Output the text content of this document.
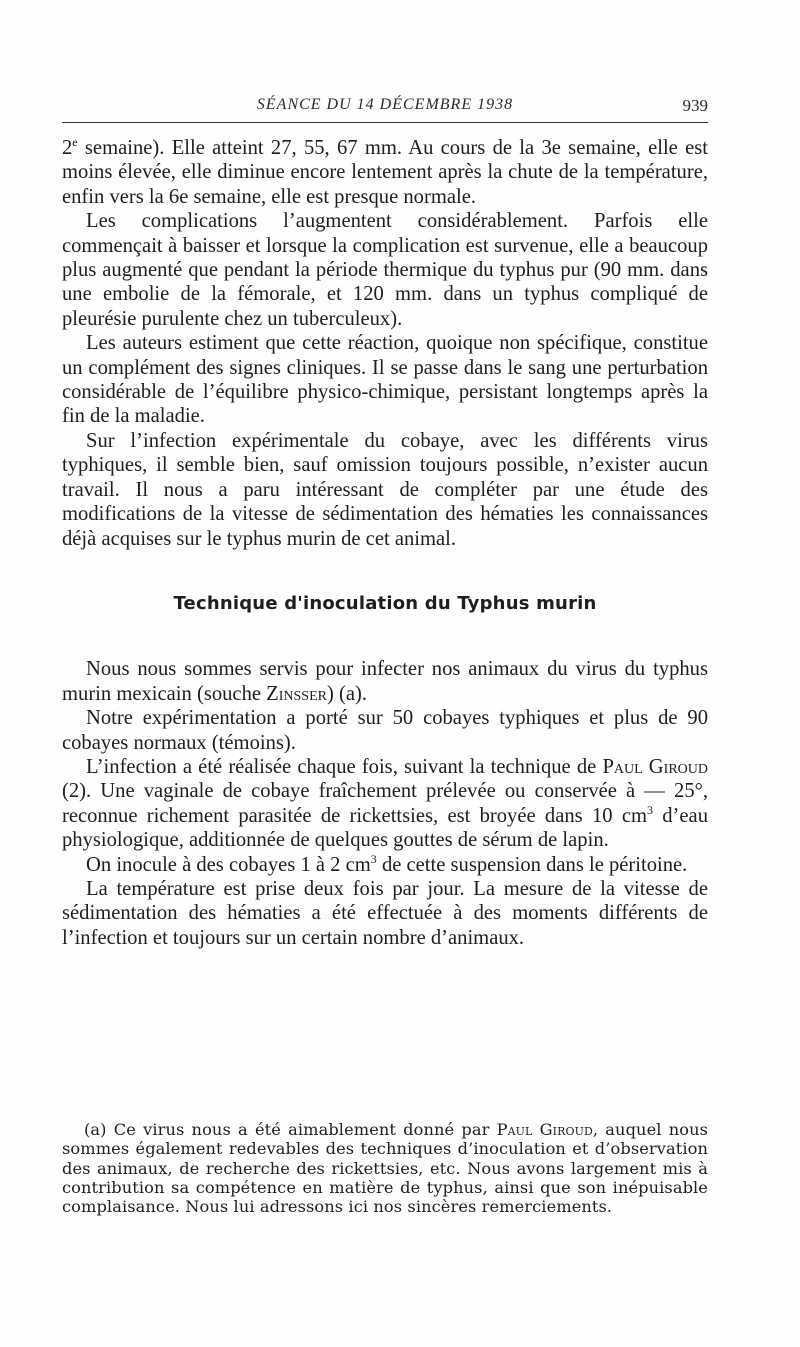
SÉANCE DU 14 DÉCEMBRE 1938	939

2e semaine). Elle atteint 27, 55, 67 mm. Au cours de la 3e semaine, elle est moins élevée, elle diminue encore lentement après la chute de la température, enfin vers la 6e semaine, elle est presque normale.

Les complications l’augmentent considérablement. Parfois elle commençait à baisser et lorsque la complication est survenue, elle a beaucoup plus augmenté que pendant la période thermique du typhus pur (90 mm. dans une embolie de la fémorale, et 120 mm. dans un typhus compliqué de pleurésie purulente chez un tuberculeux).

Les auteurs estiment que cette réaction, quoique non spécifique, constitue un complément des signes cliniques. Il se passe dans le sang une perturbation considérable de l’équilibre physico-chimique, persistant longtemps après la fin de la maladie.

Sur l’infection expérimentale du cobaye, avec les différents virus typhiques, il semble bien, sauf omission toujours possible, n’exister aucun travail. Il nous a paru intéressant de compléter par une étude des modifications de la vitesse de sédimentation des hématies les connaissances déjà acquises sur le typhus murin de cet animal.

Technique d'inoculation du Typhus murin

Nous nous sommes servis pour infecter nos animaux du virus du typhus murin mexicain (souche Zinsser) (a).

Notre expérimentation a porté sur 50 cobayes typhiques et plus de 90 cobayes normaux (témoins).

L’infection a été réalisée chaque fois, suivant la technique de Paul Giroud (2). Une vaginale de cobaye fraîchement prélevée ou conservée à — 25°, reconnue richement parasitée de rickettsies, est broyée dans 10 $cm^3$ d’eau physiologique, additionnée de quelques gouttes de sérum de lapin.

On inocule à des cobayes 1 à 2 $cm^3$ de cette suspension dans le péritoine.

La température est prise deux fois par jour. La mesure de la vitesse de sédimentation des hématies a été effectuée à des moments différents de l’infection et toujours sur un certain nombre d’animaux.

(a) Ce virus nous a été aimablement donné par Paul Giroud, auquel nous sommes également redevables des techniques d’inoculation et d’observation des animaux, de recherche des rickettsies, etc. Nous avons largement mis à contribution sa compétence en matière de typhus, ainsi que son inépuisable complaisance. Nous lui adressons ici nos sincères remerciements.
